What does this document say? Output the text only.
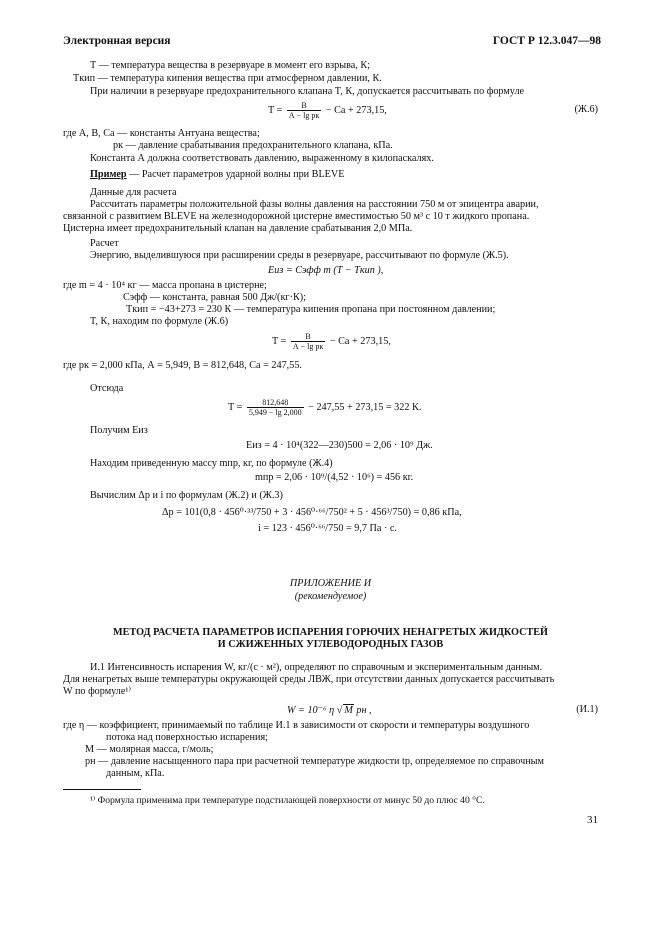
Электронная версия	ГОСТ Р 12.3.047—98
T — температура вещества в резервуаре в момент его взрыва, К;
Tкип — температура кипения вещества при атмосферном давлении, К.
При наличии в резервуаре предохранительного клапана T, К, допускается рассчитывать по формуле
$T = \frac{В}{\text{А − lg pк}}$ − Са + 273,15,	(Ж.6)
где А, В, Са — константы Антуана вещества;
pк — давление срабатывания предохранительного клапана, кПа.
Константа А должна соответствовать давлению, выраженному в килопаскалях.
Пример — Расчет параметров ударной волны при BLEVE
Данные для расчета
Рассчитать параметры положительной фазы волны давления на расстоянии 750 м от эпицентра аварии,
связанной с развитием BLEVE на железнодорожной цистерне вместимостью 50 м³ с 10 т жидкого пропана.
Цистерна имеет предохранительный клапан на давление срабатывания 2,0 МПа.
Расчет
Энергию, выделившуюся при расширении среды в резервуаре, рассчитывают по формуле (Ж.5).
Eиз = Cэфф m (T − Tкип ),
где m = 4 · 10⁴ кг — масса пропана в цистерне;
Cэфф — константа, равная 500 Дж/(кг·К);
Tкип = −43+273 = 230 К — температура кипения пропана при постоянном давлении;
T, К, находим по формуле (Ж.6)
$T = \frac{В}{\text{А − lg pк}}$ − Са + 273,15,
где pк = 2,000 кПа, А = 5,949, В = 812,648, Са = 247,55.
Отсюда
$T = \frac{812,648}{5,949 - \lg 2,000} - 247,55 + 273,15 = 322$ К.
Получим Eиз
Eиз = 4 · 10⁴(322—230)500 = 2,06 · 10⁹ Дж.
Находим приведенную массу mпр, кг, по формуле (Ж.4)
mпр = 2,06 · 10⁹/(4,52 · 10⁶) = 456 кг.
Вычислим Δp и i по формулам (Ж.2) и (Ж.3)
Δp = 101(0,8 · 456⁰·³³/750 + 3 · 456⁰·⁶⁶/750² + 5 · 456³/750) = 0,86 кПа,
i = 123 · 456⁰·⁶⁶/750 = 9,7 Па · с.
ПРИЛОЖЕНИЕ И
(рекомендуемое)
МЕТОД РАСЧЕТА ПАРАМЕТРОВ ИСПАРЕНИЯ ГОРЮЧИХ НЕНАГРЕТЫХ ЖИДКОСТЕЙ
И СЖИЖЕННЫХ УГЛЕВОДОРОДНЫХ ГАЗОВ
И.1 Интенсивность испарения W, кг/(с · м²), определяют по справочным и экспериментальным данным.
Для ненагретых выше температуры окружающей среды ЛВЖ, при отсутствии данных допускается рассчитывать
W по формуле¹⁾
W = 10⁻⁶ η √ M pн ,	(И.1)
где η — коэффициент, принимаемый по таблице И.1 в зависимости от скорости и температуры воздушного
потока над поверхностью испарения;
M — молярная масса, г/моль;
pн — давление насыщенного пара при расчетной температуре жидкости tр, определяемое по справочным
данным, кПа.
¹⁾ Формула применима при температуре подстилающей поверхности от минус 50 до плюс 40 °С.
31
